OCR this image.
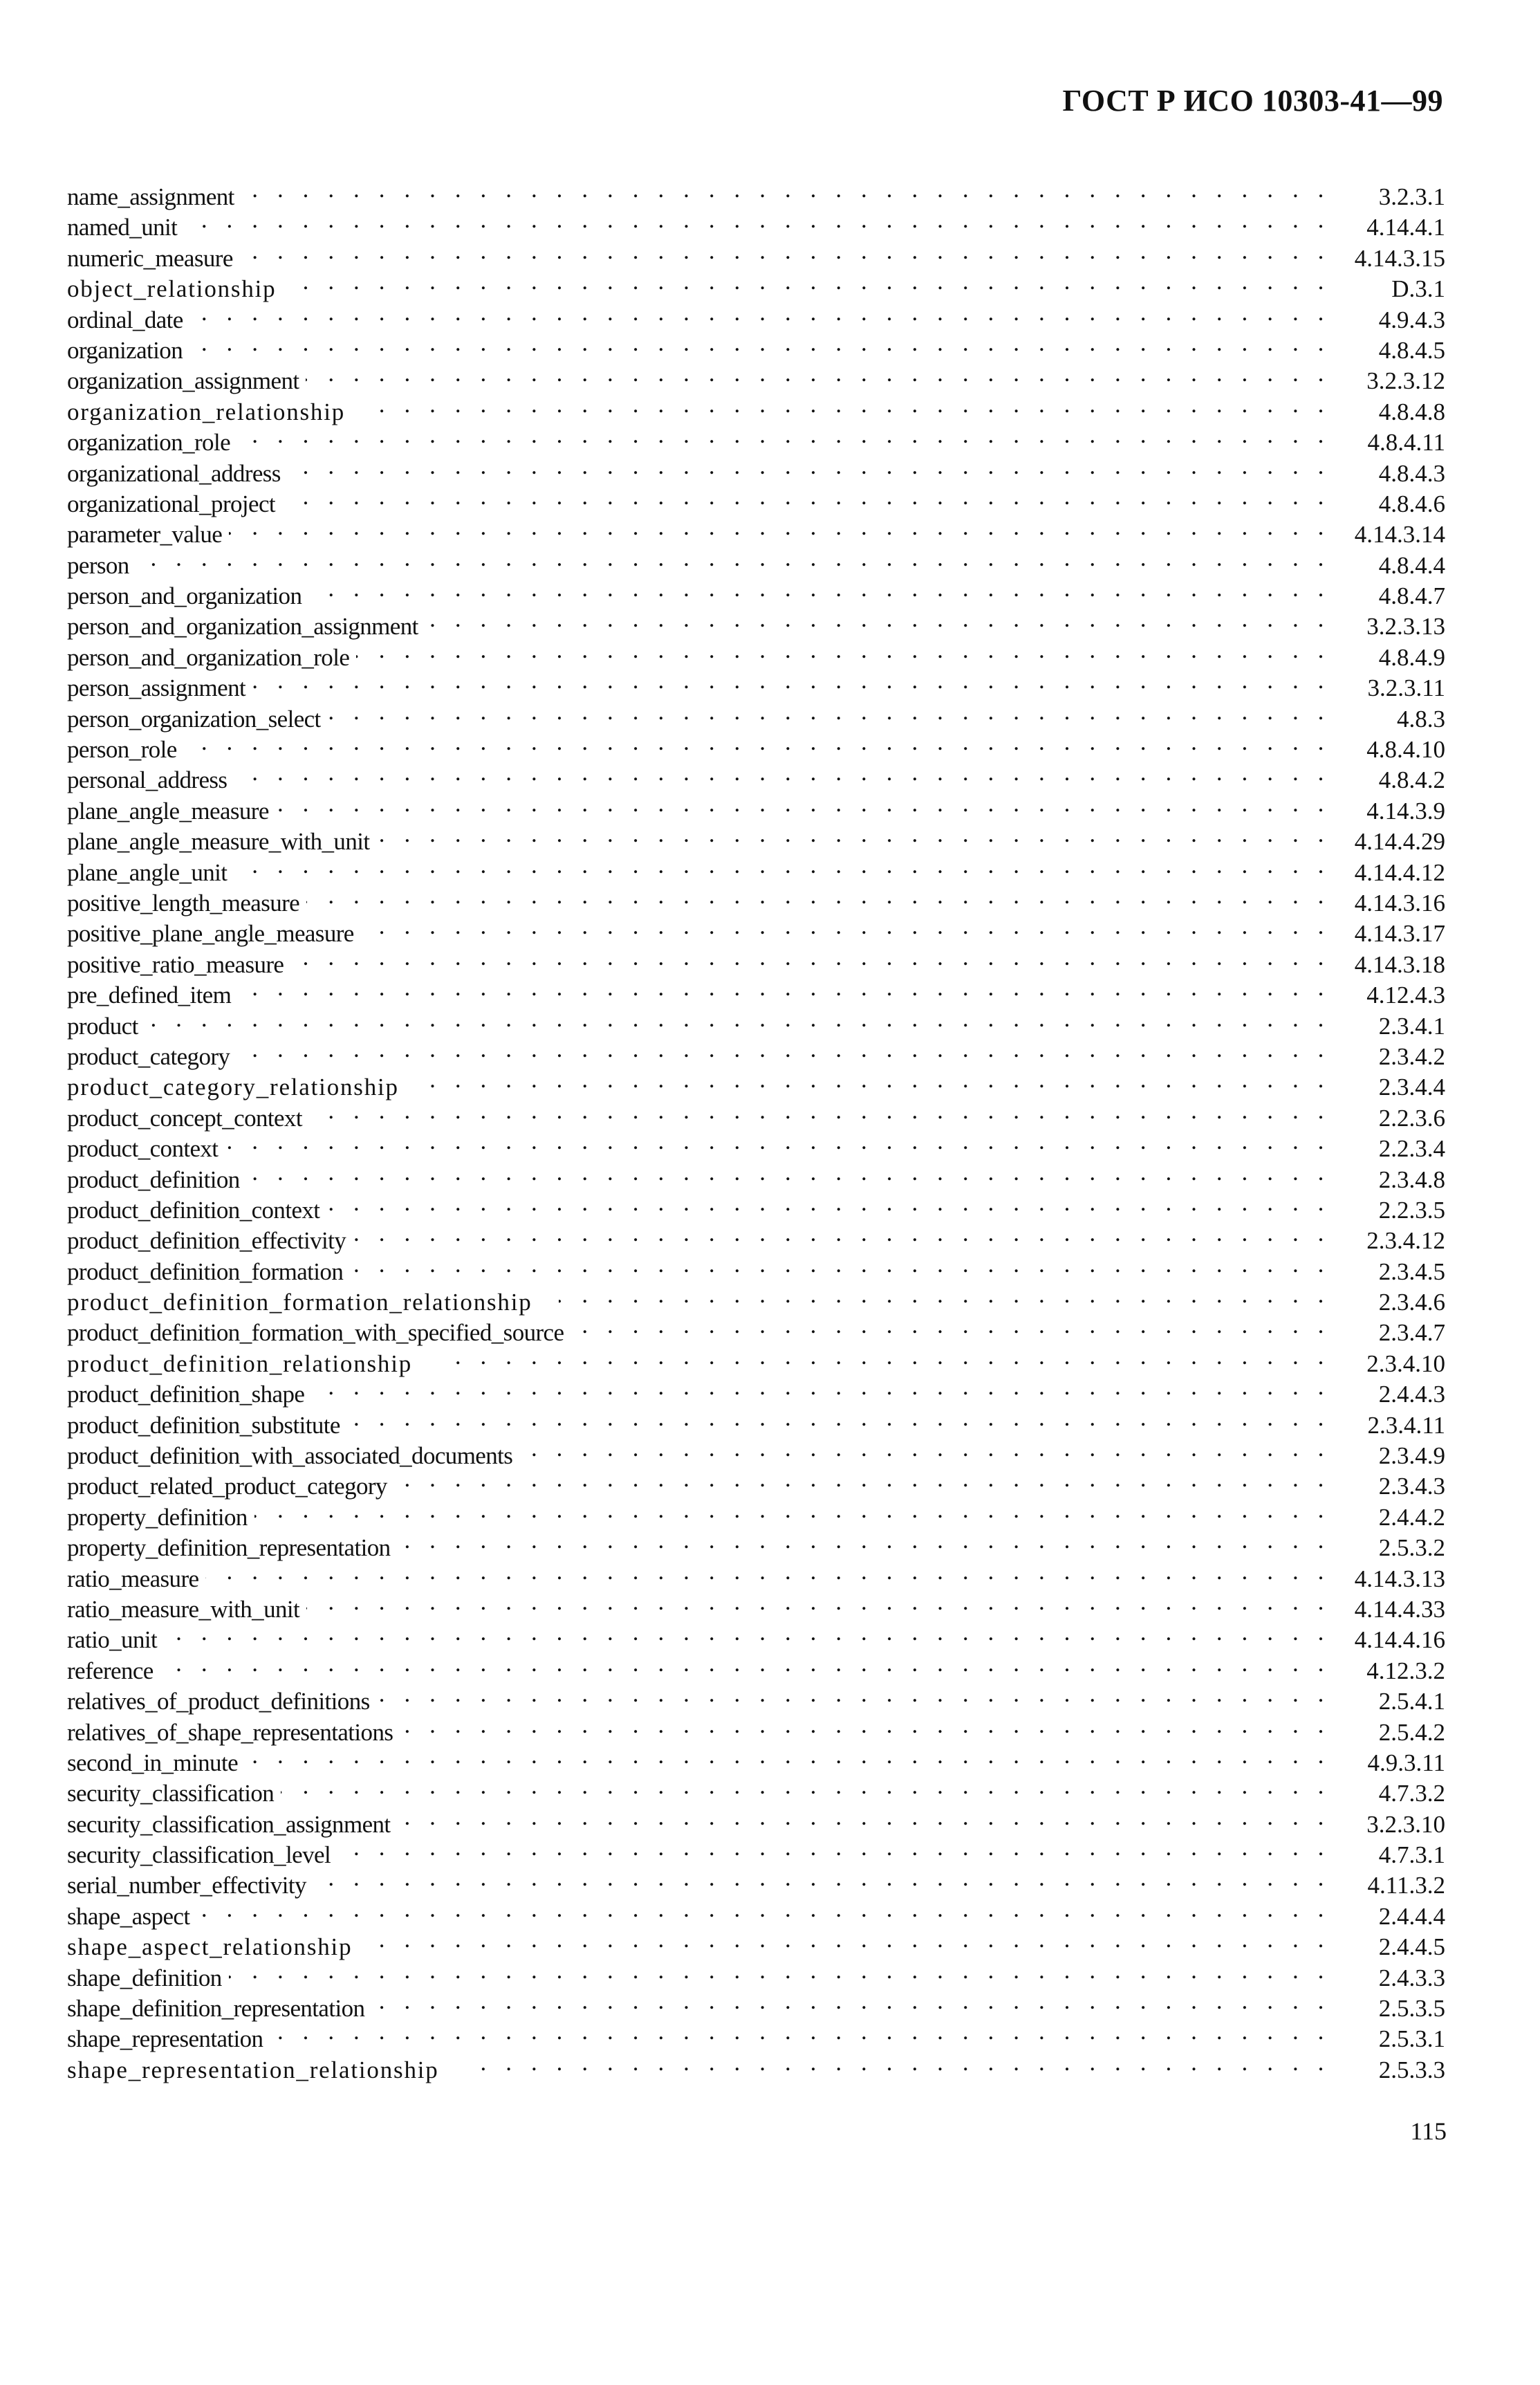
ГОСТ Р ИСО 10303-41—99
name_assignment . . .	3.2.3.1
named_unit . . .	4.14.4.1
numeric_measure . . .	4.14.3.15
object_relationship . . .	D.3.1
ordinal_date . . .	4.9.4.3
organization . . .	4.8.4.5
organization_assignment . . .	3.2.3.12
organization_relationship . . .	4.8.4.8
organization_role . . .	4.8.4.11
organizational_address . . .	4.8.4.3
organizational_project . . .	4.8.4.6
parameter_value . . .	4.14.3.14
person . . .	4.8.4.4
person_and_organization . . .	4.8.4.7
person_and_organization_assignment . . .	3.2.3.13
person_and_organization_role . . .	4.8.4.9
person_assignment . . .	3.2.3.11
person_organization_select . . .	4.8.3
person_role . . .	4.8.4.10
personal_address . . .	4.8.4.2
plane_angle_measure . . .	4.14.3.9
plane_angle_measure_with_unit . . .	4.14.4.29
plane_angle_unit . . .	4.14.4.12
positive_length_measure . . .	4.14.3.16
positive_plane_angle_measure . . .	4.14.3.17
positive_ratio_measure . . .	4.14.3.18
pre_defined_item . . .	4.12.4.3
product . . .	2.3.4.1
product_category . . .	2.3.4.2
product_category_relationship . . .	2.3.4.4
product_concept_context . . .	2.2.3.6
product_context . . .	2.2.3.4
product_definition . . .	2.3.4.8
product_definition_context . . .	2.2.3.5
product_definition_effectivity . . .	2.3.4.12
product_definition_formation . . .	2.3.4.5
product_definition_formation_relationship . . .	2.3.4.6
product_definition_formation_with_specified_source . . .	2.3.4.7
product_definition_relationship . . .	2.3.4.10
product_definition_shape . . .	2.4.4.3
product_definition_substitute . . .	2.3.4.11
product_definition_with_associated_documents . . .	2.3.4.9
product_related_product_category . . .	2.3.4.3
property_definition . . .	2.4.4.2
property_definition_representation . . .	2.5.3.2
ratio_measure . . .	4.14.3.13
ratio_measure_with_unit . . .	4.14.4.33
ratio_unit . . .	4.14.4.16
reference . . .	4.12.3.2
relatives_of_product_definitions . . .	2.5.4.1
relatives_of_shape_representations . . .	2.5.4.2
second_in_minute . . .	4.9.3.11
security_classification . . .	4.7.3.2
security_classification_assignment . . .	3.2.3.10
security_classification_level . . .	4.7.3.1
serial_number_effectivity . . .	4.11.3.2
shape_aspect . . .	2.4.4.4
shape_aspect_relationship . . .	2.4.4.5
shape_definition . . .	2.4.3.3
shape_definition_representation . . .	2.5.3.5
shape_representation . . .	2.5.3.1
shape_representation_relationship . . .	2.5.3.3
115
